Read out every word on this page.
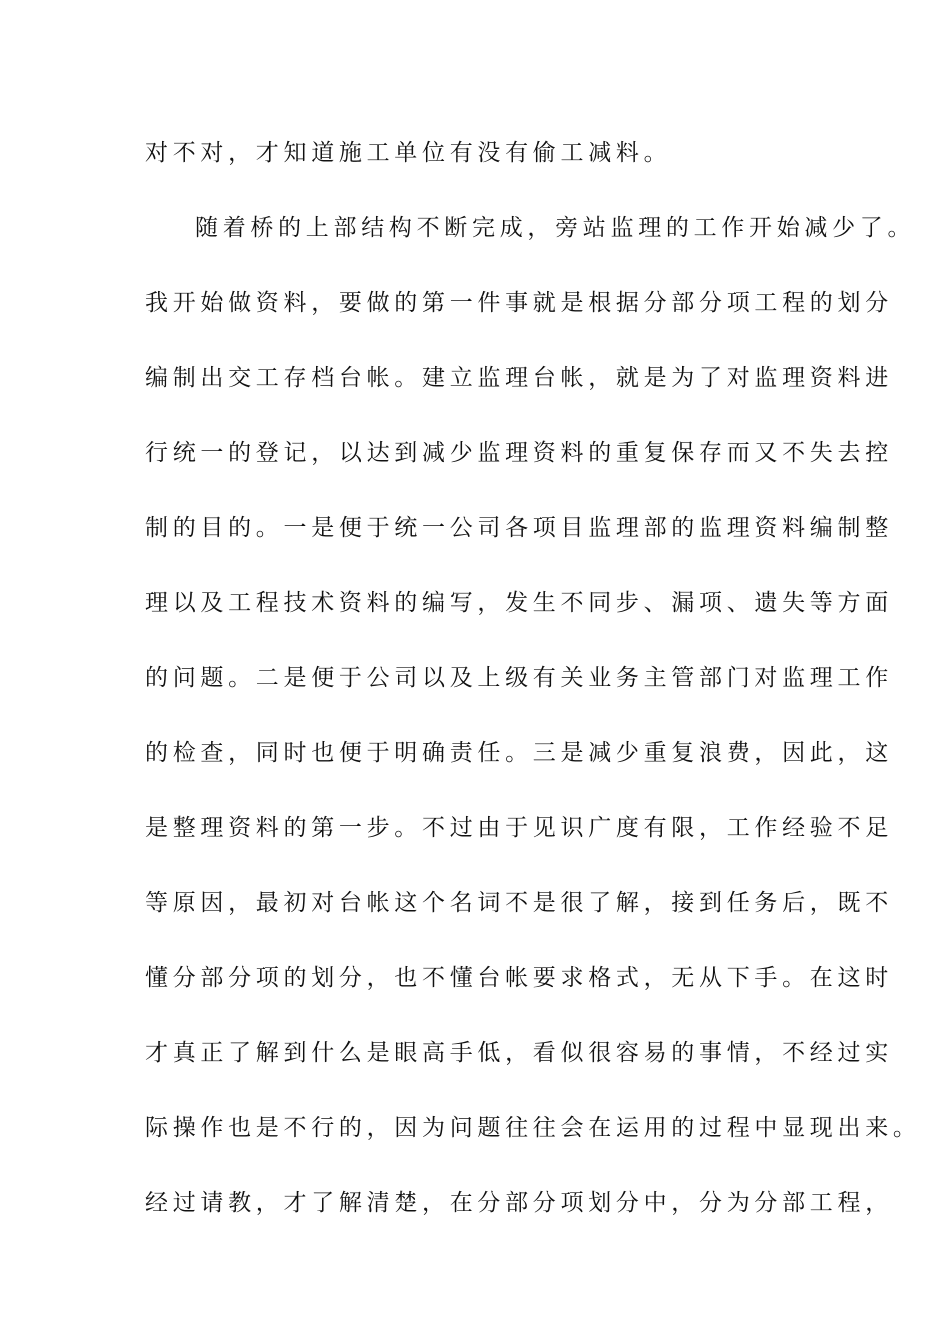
对不对，才知道施工单位有没有偷工减料。
随着桥的上部结构不断完成，旁站监理的工作开始减少了。
我开始做资料，要做的第一件事就是根据分部分项工程的划分
编制出交工存档台帐。建立监理台帐，就是为了对监理资料进
行统一的登记，以达到减少监理资料的重复保存而又不失去控
制的目的。一是便于统一公司各项目监理部的监理资料编制整
理以及工程技术资料的编写，发生不同步、漏项、遗失等方面
的问题。二是便于公司以及上级有关业务主管部门对监理工作
的检查，同时也便于明确责任。三是减少重复浪费，因此，这
是整理资料的第一步。不过由于见识广度有限，工作经验不足
等原因，最初对台帐这个名词不是很了解，接到任务后，既不
懂分部分项的划分，也不懂台帐要求格式，无从下手。在这时
才真正了解到什么是眼高手低，看似很容易的事情，不经过实
际操作也是不行的，因为问题往往会在运用的过程中显现出来。
经过请教，才了解清楚，在分部分项划分中，分为分部工程，
